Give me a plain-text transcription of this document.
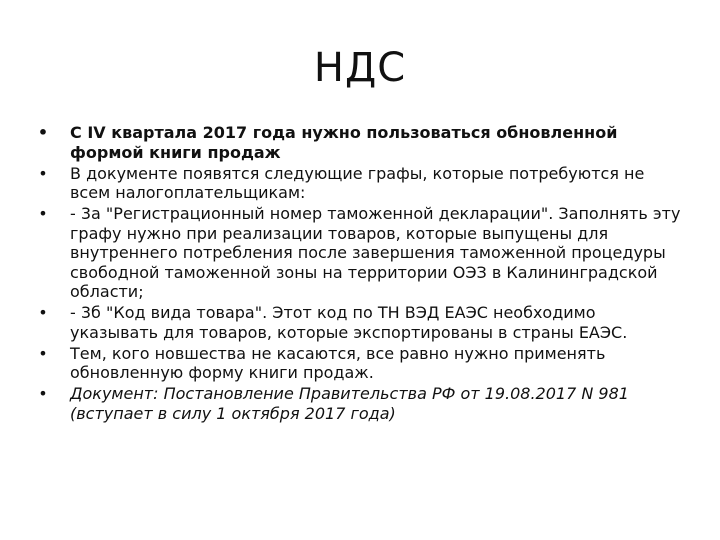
НДС
• С IV квартала 2017 года нужно пользоваться обновленной формой книги продаж
• В документе появятся следующие графы, которые потребуются не всем налогоплательщикам:
• - 3а "Регистрационный номер таможенной декларации". Заполнять эту графу нужно при реализации товаров, которые выпущены для внутреннего потребления после завершения таможенной процедуры свободной таможенной зоны на территории ОЭЗ в Калининградской области;
• - 3б "Код вида товара". Этот код по ТН ВЭД ЕАЭС необходимо указывать для товаров, которые экспортированы в страны ЕАЭС.
• Тем, кого новшества не касаются, все равно нужно применять обновленную форму книги продаж.
• Документ: Постановление Правительства РФ от 19.08.2017 N 981 (вступает в силу 1 октября 2017 года)
